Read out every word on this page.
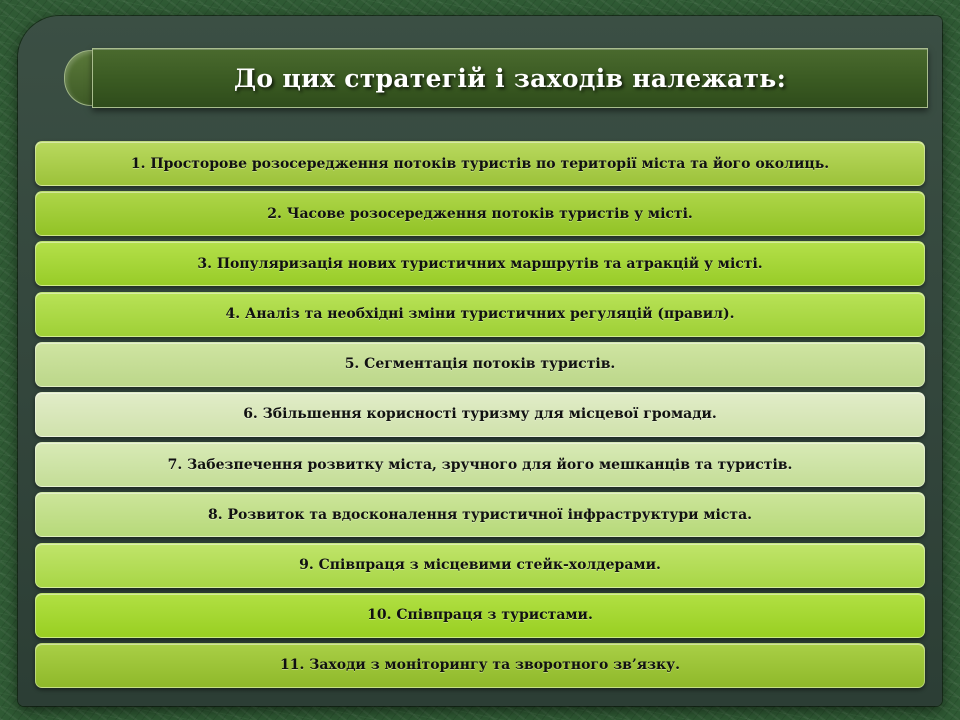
До цих стратегій і заходів належать:
1. Просторове розосередження потоків туристів по території міста та його околиць.
2. Часове розосередження потоків туристів у місті.
3. Популяризація нових туристичних маршрутів та атракцій у місті.
4. Аналіз та необхідні зміни туристичних регуляцій (правил).
5. Сегментація потоків туристів.
6. Збільшення корисності туризму для місцевої громади.
7. Забезпечення розвитку міста, зручного для його мешканців та туристів.
8. Розвиток та вдосконалення туристичної інфраструктури міста.
9. Співпраця з місцевими стейк-холдерами.
10. Співпраця з туристами.
11. Заходи з моніторингу та зворотного зв’язку.
